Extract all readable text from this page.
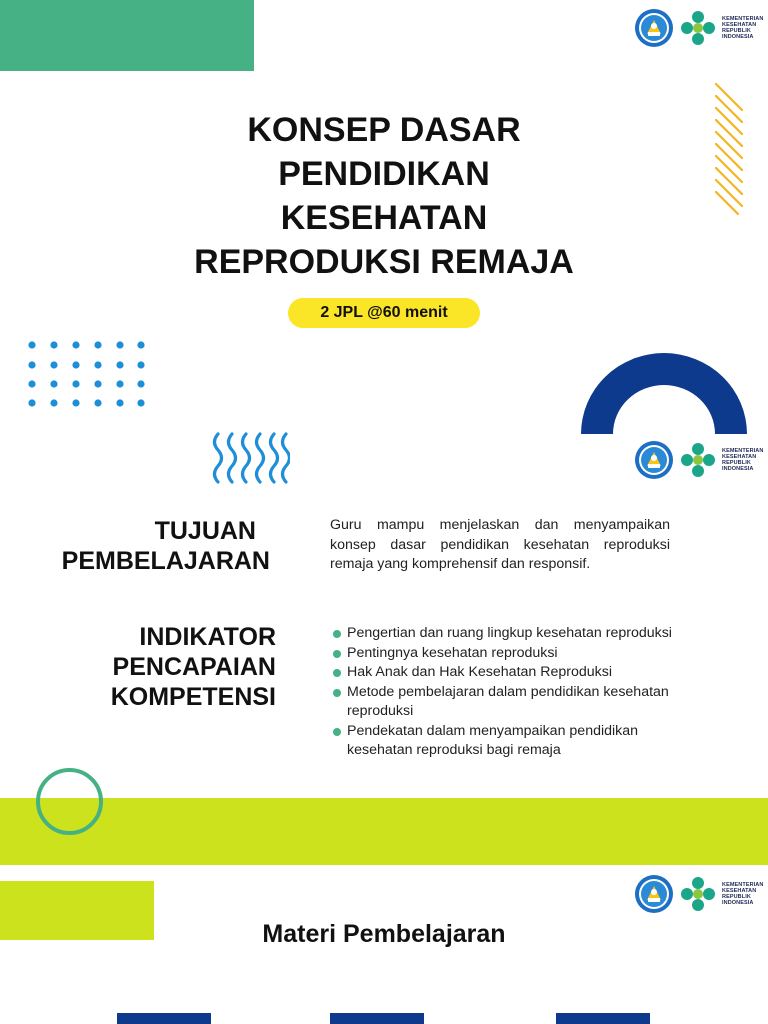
KEMENTERIAN
KESEHATAN
REPUBLIK
INDONESIA
KONSEP DASAR
PENDIDIKAN
KESEHATAN
REPRODUKSI REMAJA
2 JPL @60 menit
KEMENTERIAN
KESEHATAN
REPUBLIK
INDONESIA
TUJUAN
PEMBELAJARAN

Guru mampu menjelaskan dan menyampaikan konsep dasar pendidikan kesehatan reproduksi remaja yang komprehensif dan responsif.

INDIKATOR
PENCAPAIAN
KOMPETENSI
Pengertian dan ruang lingkup kesehatan reproduksi
Pentingnya kesehatan reproduksi
Hak Anak dan Hak Kesehatan Reproduksi
Metode pembelajaran dalam pendidikan kesehatan reproduksi
Pendekatan dalam menyampaikan pendidikan kesehatan reproduksi bagi remaja
KEMENTERIAN
KESEHATAN
REPUBLIK
INDONESIA
Materi Pembelajaran
